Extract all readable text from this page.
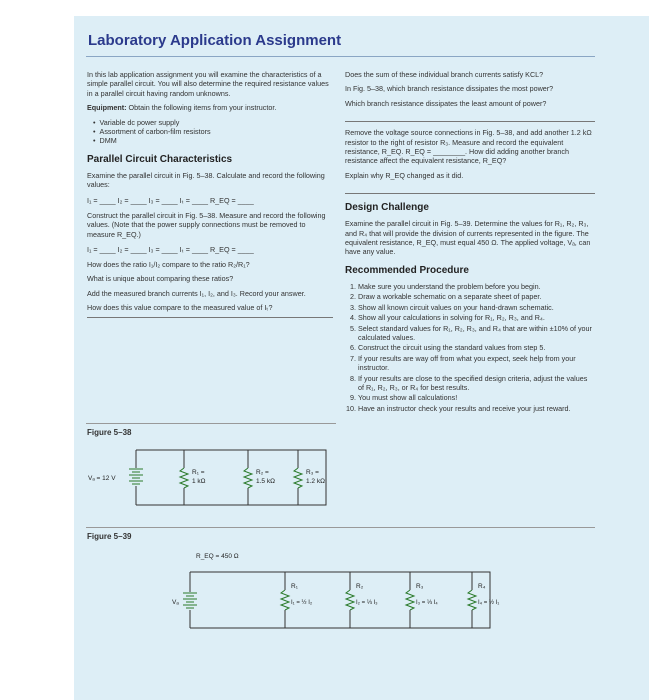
Laboratory Application Assignment

In this lab application assignment you will examine the characteristics of a simple parallel circuit. You will also determine the required resistance values in a parallel circuit having random unknowns.

Equipment: Obtain the following items from your instructor.

• Variable dc power supply
• Assortment of carbon-film resistors
• DMM
Parallel Circuit Characteristics

Examine the parallel circuit in Fig. 5–38. Calculate and record the following values:

I₁ = ____ I₂ = ____ I₃ = ____ Iₜ = ____ R_EQ = ____

Construct the parallel circuit in Fig. 5–38. Measure and record the following values. (Note that the power supply connections must be removed to measure R_EQ.)

I₁ = ____ I₂ = ____ I₃ = ____ Iₜ = ____ R_EQ = ____

How does the ratio I₁/I₂ compare to the ratio R₂/R₁?

What is unique about comparing these ratios?

Add the measured branch currents I₁, I₂, and I₃. Record your answer.

How does this value compare to the measured value of Iₜ?

Does the sum of these individual branch currents satisfy KCL?

In Fig. 5–38, which branch resistance dissipates the most power?

Which branch resistance dissipates the least amount of power?

Remove the voltage source connections in Fig. 5–38, and add another 1.2 kΩ resistor to the right of resistor R₃. Measure and record the equivalent resistance, R_EQ. R_EQ = ________. How did adding another branch resistance affect the equivalent resistance, R_EQ?

Explain why R_EQ changed as it did.

Design Challenge

Examine the parallel circuit in Fig. 5–39. Determine the values for R₁, R₂, R₃, and R₄ that will provide the division of currents represented in the figure. The equivalent resistance, R_EQ, must equal 450 Ω. The applied voltage, Vₐ, can have any value.

Recommended Procedure
1. Make sure you understand the problem before you begin.
2. Draw a workable schematic on a separate sheet of paper.
3. Show all known circuit values on your hand-drawn schematic.
4. Show all your calculations in solving for R₁, R₂, R₃, and R₄.
5. Select standard values for R₁, R₂, R₃, and R₄ that are within ±10% of your calculated values.
6. Construct the circuit using the standard values from step 5.
7. If your results are way off from what you expect, seek help from your instructor.
8. If your results are close to the specified design criteria, adjust the values of R₁, R₂, R₃, or R₄ for best results.
9. You must show all calculations!
10. Have an instructor check your results and receive your just reward.
Figure 5–38
Vₐ = 12 V
R₁ =
1 kΩ
R₂ =
1.5 kΩ
R₃ =
1.2 kΩ
Figure 5–39
R_EQ = 450 Ω
Vₐ
R₁
I₁ = ½ I₂
R₂
I₂ = ⅓ I₃
R₃
I₃ = ⅓ I₄
R₄
I₄ = ½ I₁
